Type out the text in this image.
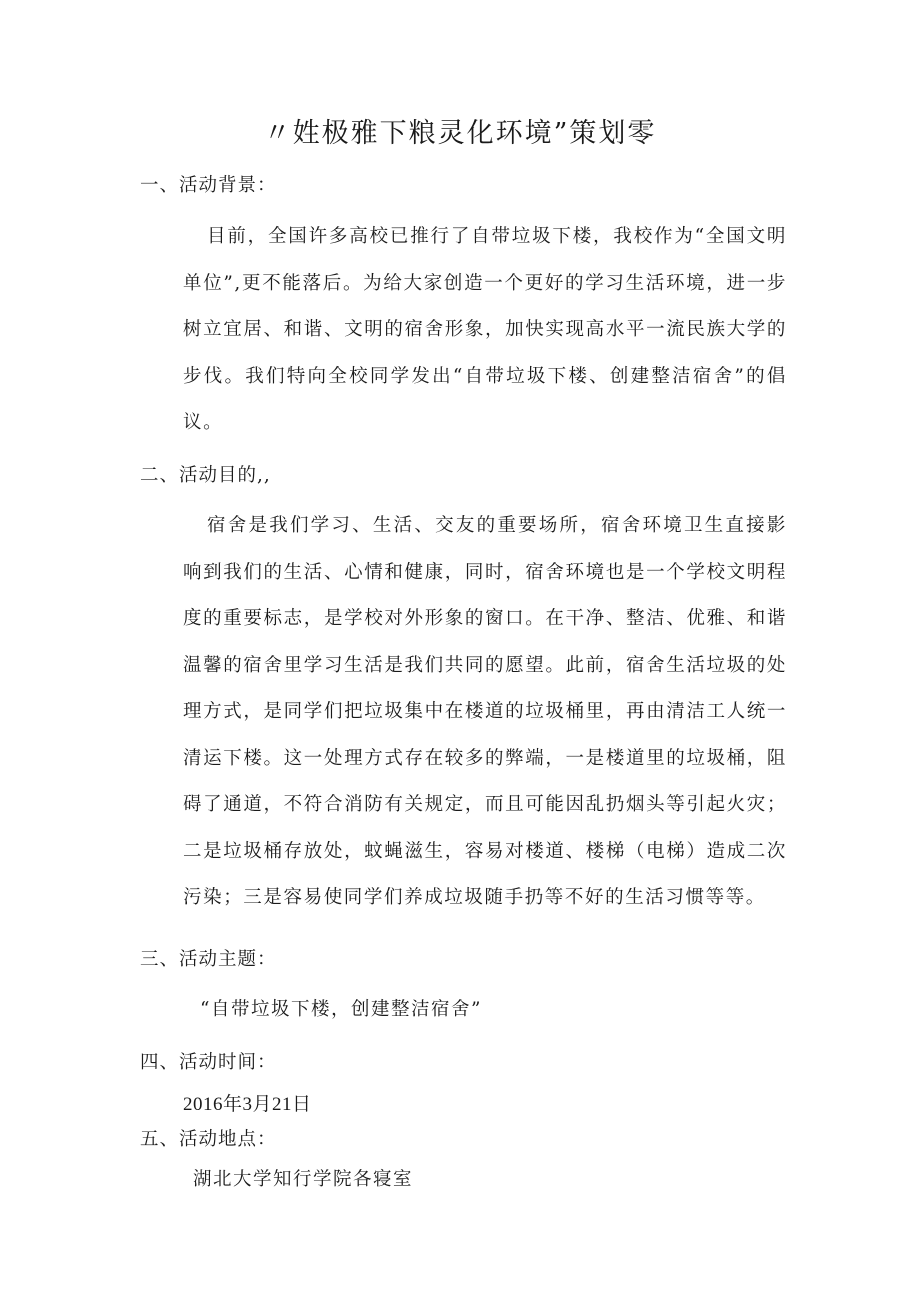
〃姓极雅下粮灵化环境”策划零
一、活动背景：
目前，全国许多高校已推行了自带垃圾下楼，我校作为“全国文明单位”,更不能落后。为给大家创造一个更好的学习生活环境，进一步树立宜居、和谐、文明的宿舍形象，加快实现高水平一流民族大学的步伐。我们特向全校同学发出“自带垃圾下楼、创建整洁宿舍”的倡议。
二、活动目的,,
宿舍是我们学习、生活、交友的重要场所，宿舍环境卫生直接影响到我们的生活、心情和健康，同时，宿舍环境也是一个学校文明程度的重要标志，是学校对外形象的窗口。在干净、整洁、优雅、和谐温馨的宿舍里学习生活是我们共同的愿望。此前，宿舍生活垃圾的处理方式，是同学们把垃圾集中在楼道的垃圾桶里，再由清洁工人统一清运下楼。这一处理方式存在较多的弊端，一是楼道里的垃圾桶，阻碍了通道，不符合消防有关规定，而且可能因乱扔烟头等引起火灾；二是垃圾桶存放处，蚊蝇滋生，容易对楼道、楼梯（电梯）造成二次污染；三是容易使同学们养成垃圾随手扔等不好的生活习惯等等。
三、活动主题：
“自带垃圾下楼，创建整洁宿舍”
四、活动时间：
2016年3月21日
五、活动地点：
湖北大学知行学院各寝室
